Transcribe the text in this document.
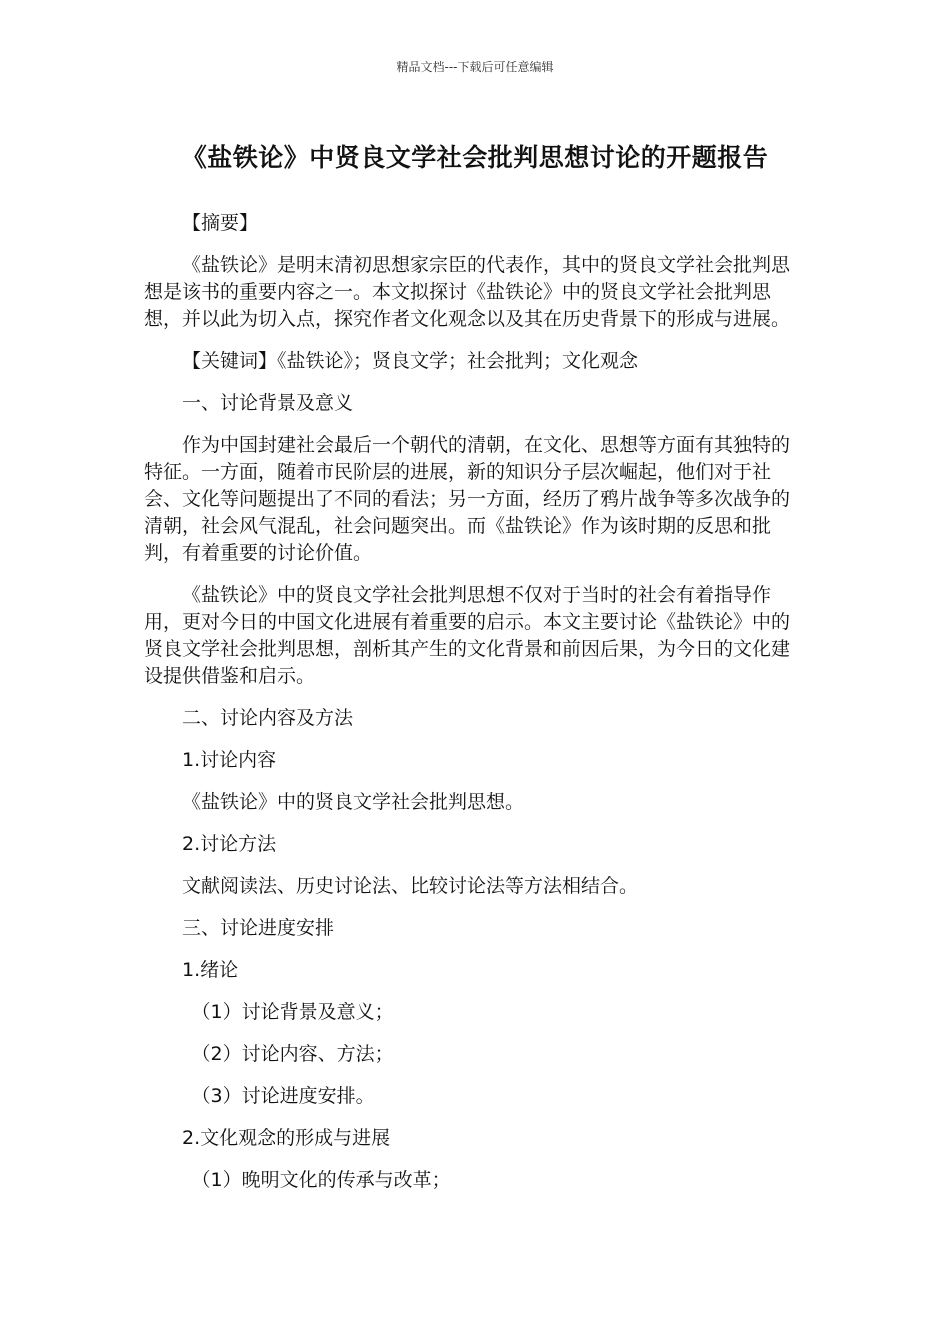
精品文档---下载后可任意编辑
《盐铁论》中贤良文学社会批判思想讨论的开题报告
【摘要】

《盐铁论》是明末清初思想家宗臣的代表作，其中的贤良文学社会批判思想是该书的重要内容之一。本文拟探讨《盐铁论》中的贤良文学社会批判思想，并以此为切入点，探究作者文化观念以及其在历史背景下的形成与进展。

【关键词】《盐铁论》；贤良文学；社会批判；文化观念
一、讨论背景及意义

作为中国封建社会最后一个朝代的清朝，在文化、思想等方面有其独特的特征。一方面，随着市民阶层的进展，新的知识分子层次崛起，他们对于社会、文化等问题提出了不同的看法；另一方面，经历了鸦片战争等多次战争的清朝，社会风气混乱，社会问题突出。而《盐铁论》作为该时期的反思和批判，有着重要的讨论价值。

《盐铁论》中的贤良文学社会批判思想不仅对于当时的社会有着指导作用，更对今日的中国文化进展有着重要的启示。本文主要讨论《盐铁论》中的贤良文学社会批判思想，剖析其产生的文化背景和前因后果，为今日的文化建设提供借鉴和启示。

二、讨论内容及方法
1.讨论内容
《盐铁论》中的贤良文学社会批判思想。
2.讨论方法
文献阅读法、历史讨论法、比较讨论法等方法相结合。
三、讨论进度安排
1.绪论
（1）讨论背景及意义；
（2）讨论内容、方法；
（3）讨论进度安排。
2.文化观念的形成与进展
（1）晚明文化的传承与改革；
